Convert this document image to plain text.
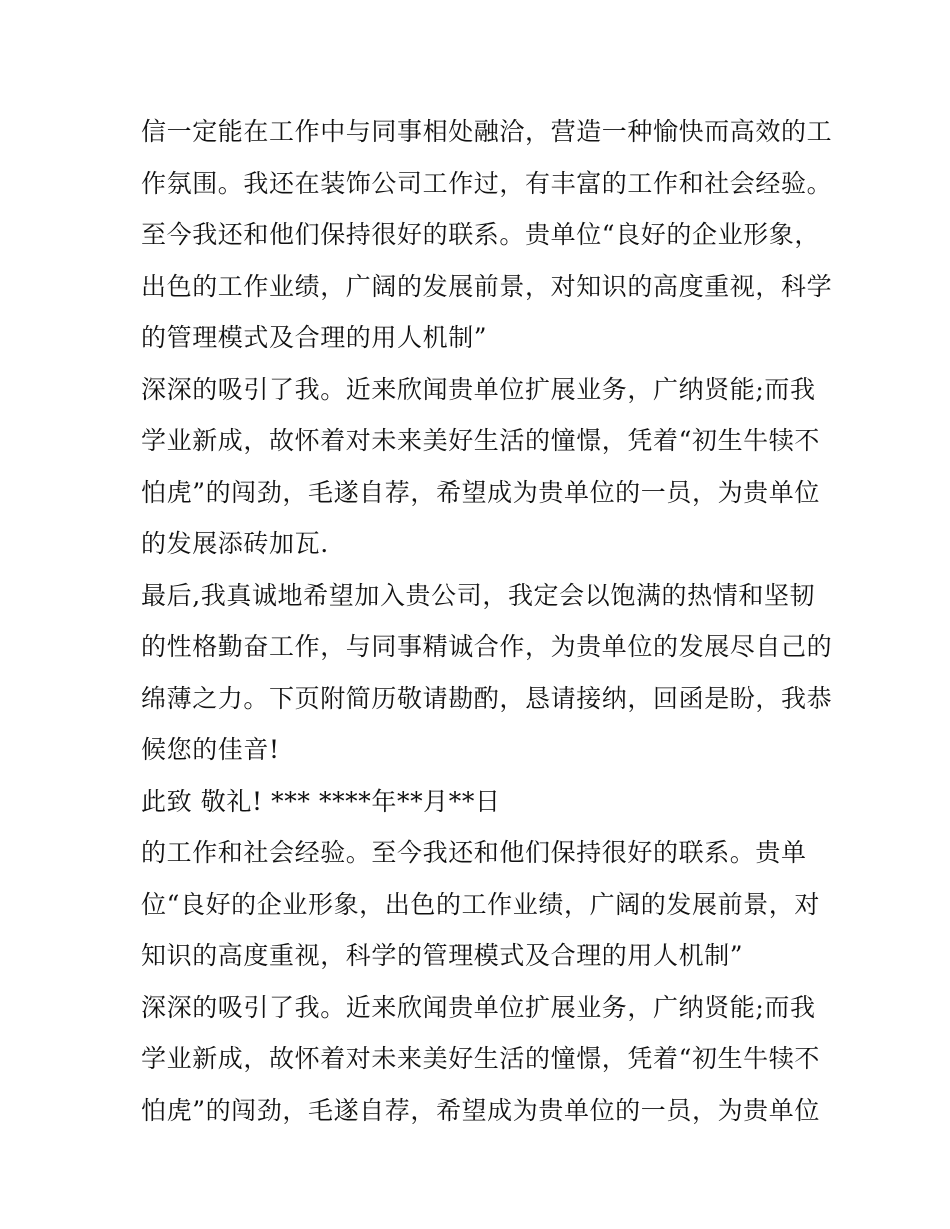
信一定能在工作中与同事相处融洽，营造一种愉快而高效的工
作氛围。我还在装饰公司工作过，有丰富的工作和社会经验。
至今我还和他们保持很好的联系。贵单位“良好的企业形象，
出色的工作业绩，广阔的发展前景，对知识的高度重视，科学
的管理模式及合理的用人机制”
深深的吸引了我。近来欣闻贵单位扩展业务，广纳贤能;而我
学业新成，故怀着对未来美好生活的憧憬，凭着“初生牛犊不
怕虎”的闯劲，毛遂自荐，希望成为贵单位的一员，为贵单位
的发展添砖加瓦.
最后,我真诚地希望加入贵公司，我定会以饱满的热情和坚韧
的性格勤奋工作，与同事精诚合作，为贵单位的发展尽自己的
绵薄之力。下页附简历敬请勘酌，恳请接纳，回函是盼，我恭
候您的佳音!
此致 敬礼! *** ****年**月**日
的工作和社会经验。至今我还和他们保持很好的联系。贵单
位“良好的企业形象，出色的工作业绩，广阔的发展前景，对
知识的高度重视，科学的管理模式及合理的用人机制”
深深的吸引了我。近来欣闻贵单位扩展业务，广纳贤能;而我
学业新成，故怀着对未来美好生活的憧憬，凭着“初生牛犊不
怕虎”的闯劲，毛遂自荐，希望成为贵单位的一员，为贵单位
